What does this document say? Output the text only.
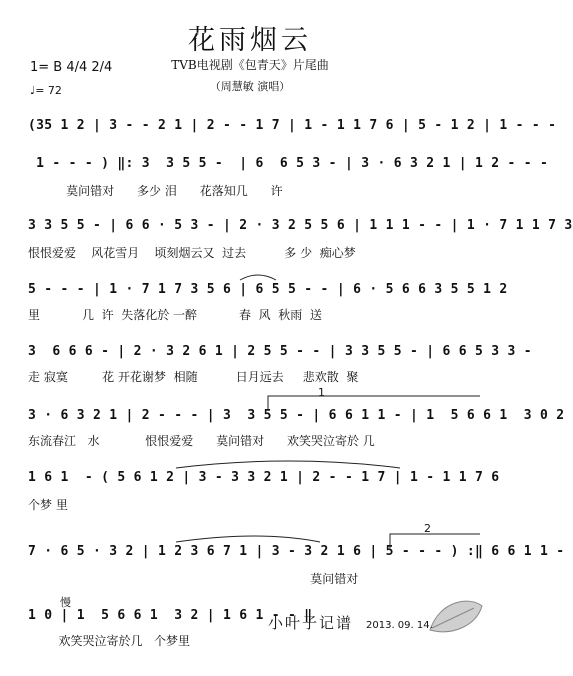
花雨烟云
TVB电视剧《包青天》片尾曲
（周慧敏 演唱）
1= B 4/4 2/4
♩= 72
(35 1 2 | 3 - - 2 1 | 2 - - 1 7 | 1 - 1 1 7 6 | 5 - 1 2 | 1 - - -
1 - - - ) ‖: 3  3 5 5 -  | 6  6 5 3 - | 3 · 6 3 2 1 | 1 2 - - -
莫问错对      多少 泪      花落知几      许
3 3 5 5 - | 6 6 · 5 3 - | 2 · 3 2 5 5 6 | 1 1 1 - - | 1 · 7 1 1 7 3
恨恨爱爱    风花雪月    顷刻烟云又  过去          多 少  痴心梦
5 - - - | 1 · 7 1 7 3 5 6 | 6 5 5 - - | 6 · 5 6 6 3 5 5 1 2
里           几  许  失落化於 一醉           春  风  秋雨  送
3  6 6 6 - | 2 · 3 2 6 1 | 2 5 5 - - | 3 3 5 5 - | 6 6 5 3 3 -
走 寂寞         花 开花谢梦  相随          日月远去     悲欢散  聚
3 · 6 3 2 1 | 2 - - - | 3  3 5 5 - | 6 6 1 1 - | 1  5 6 6 1  3 0 2
东流春江   水            恨恨爱爱      莫问错对      欢笑哭泣寄於 几
1 6 1  - ( 5 6 1 2 | 3 - 3 3 2 1 | 2 - - 1 7 | 1 - 1 1 7 6
个梦 里
7 · 6 5 · 3 2 | 1 2 3 6 7 1 | 3 - 3 2 1 6 | 5 - - - ) :‖ 6 6 1 1 -
莫问错对
1 0 | 1  5 6 6 1  3 2 | 1 6 1 - - ‖
欢笑哭泣寄於几   个梦里
1
2
慢
小叶子记谱 2013. 09. 14.
